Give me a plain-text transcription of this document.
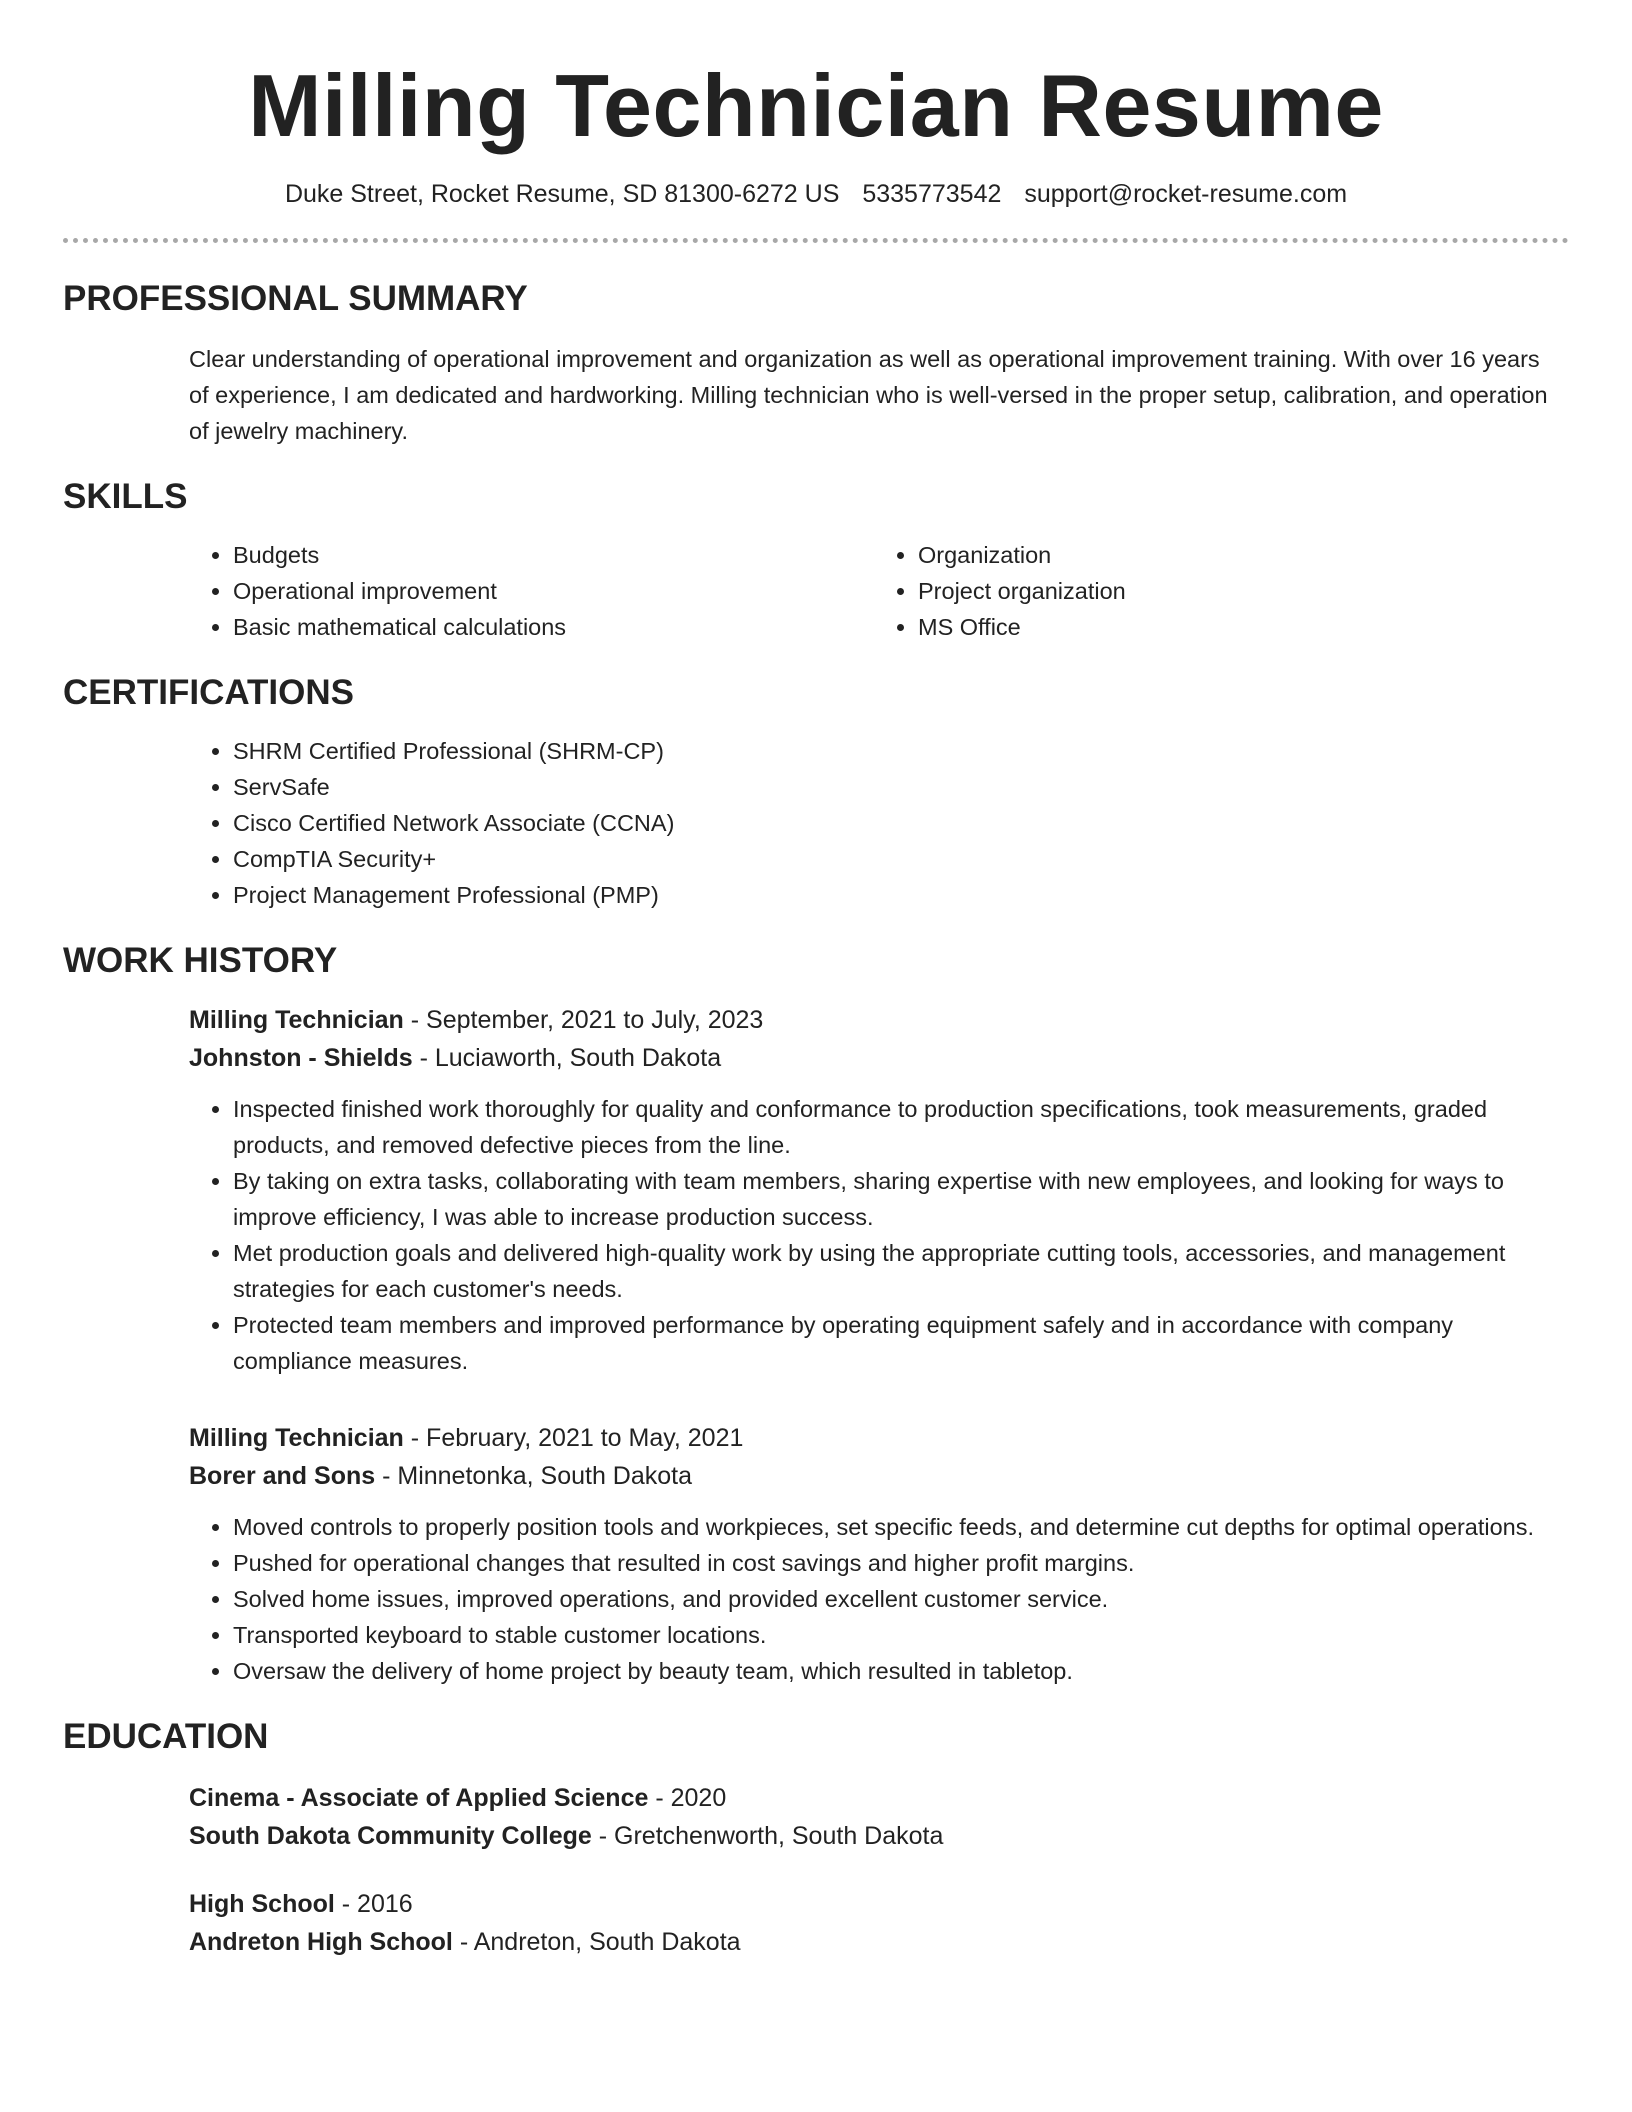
Milling Technician Resume
Duke Street, Rocket Resume, SD 81300-6272 US 5335773542 support@rocket-resume.com
PROFESSIONAL SUMMARY
Clear understanding of operational improvement and organization as well as operational improvement training. With over 16 years of experience, I am dedicated and hardworking. Milling technician who is well-versed in the proper setup, calibration, and operation of jewelry machinery.
SKILLS
• Budgets
• Operational improvement
• Basic mathematical calculations
• Organization
• Project organization
• MS Office
CERTIFICATIONS
• SHRM Certified Professional (SHRM-CP)
• ServSafe
• Cisco Certified Network Associate (CCNA)
• CompTIA Security+
• Project Management Professional (PMP)
WORK HISTORY
Milling Technician - September, 2021 to July, 2023
Johnston - Shields - Luciaworth, South Dakota
• Inspected finished work thoroughly for quality and conformance to production specifications, took measurements, graded products, and removed defective pieces from the line.
• By taking on extra tasks, collaborating with team members, sharing expertise with new employees, and looking for ways to improve efficiency, I was able to increase production success.
• Met production goals and delivered high-quality work by using the appropriate cutting tools, accessories, and management strategies for each customer's needs.
• Protected team members and improved performance by operating equipment safely and in accordance with company compliance measures.
Milling Technician - February, 2021 to May, 2021
Borer and Sons - Minnetonka, South Dakota
• Moved controls to properly position tools and workpieces, set specific feeds, and determine cut depths for optimal operations.
• Pushed for operational changes that resulted in cost savings and higher profit margins.
• Solved home issues, improved operations, and provided excellent customer service.
• Transported keyboard to stable customer locations.
• Oversaw the delivery of home project by beauty team, which resulted in tabletop.
EDUCATION
Cinema - Associate of Applied Science - 2020
South Dakota Community College - Gretchenworth, South Dakota
High School - 2016
Andreton High School - Andreton, South Dakota
